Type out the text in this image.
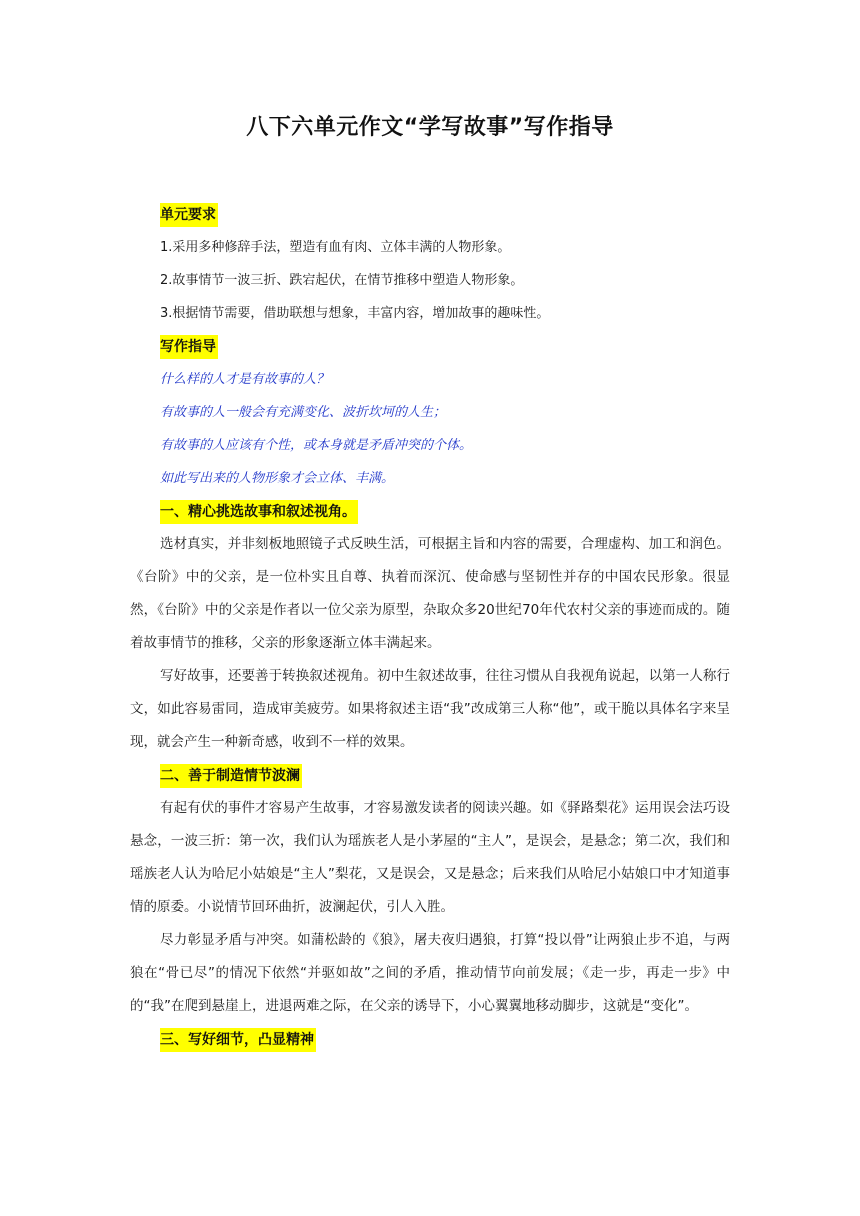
八下六单元作文“学写故事”写作指导
单元要求
1.采用多种修辞手法，塑造有血有肉、立体丰满的人物形象。
2.故事情节一波三折、跌宕起伏，在情节推移中塑造人物形象。
3.根据情节需要，借助联想与想象，丰富内容，增加故事的趣味性。
写作指导
什么样的人才是有故事的人？
有故事的人一般会有充满变化、波折坎坷的人生；
有故事的人应该有个性，或本身就是矛盾冲突的个体。
如此写出来的人物形象才会立体、丰满。
一、精心挑选故事和叙述视角。

选材真实，并非刻板地照镜子式反映生活，可根据主旨和内容的需要，合理虚构、加工和润色。《台阶》中的父亲，是一位朴实且自尊、执着而深沉、使命感与坚韧性并存的中国农民形象。很显然，《台阶》中的父亲是作者以一位父亲为原型，杂取众多20世纪70年代农村父亲的事迹而成的。随着故事情节的推移，父亲的形象逐渐立体丰满起来。

写好故事，还要善于转换叙述视角。初中生叙述故事，往往习惯从自我视角说起，以第一人称行文，如此容易雷同，造成审美疲劳。如果将叙述主语“我”改成第三人称“他”，或干脆以具体名字来呈现，就会产生一种新奇感，收到不一样的效果。

二、善于制造情节波澜

有起有伏的事件才容易产生故事，才容易激发读者的阅读兴趣。如《驿路梨花》运用误会法巧设悬念，一波三折：第一次，我们认为瑶族老人是小茅屋的“主人”，是误会，是悬念；第二次，我们和瑶族老人认为哈尼小姑娘是“主人”梨花，又是误会，又是悬念；后来我们从哈尼小姑娘口中才知道事情的原委。小说情节回环曲折，波澜起伏，引人入胜。

尽力彰显矛盾与冲突。如蒲松龄的《狼》，屠夫夜归遇狼，打算“投以骨”让两狼止步不追，与两狼在“骨已尽”的情况下依然“并驱如故”之间的矛盾，推动情节向前发展；《走一步，再走一步》中的“我”在爬到悬崖上，进退两难之际，在父亲的诱导下，小心翼翼地移动脚步，这就是“变化”。

三、写好细节，凸显精神
